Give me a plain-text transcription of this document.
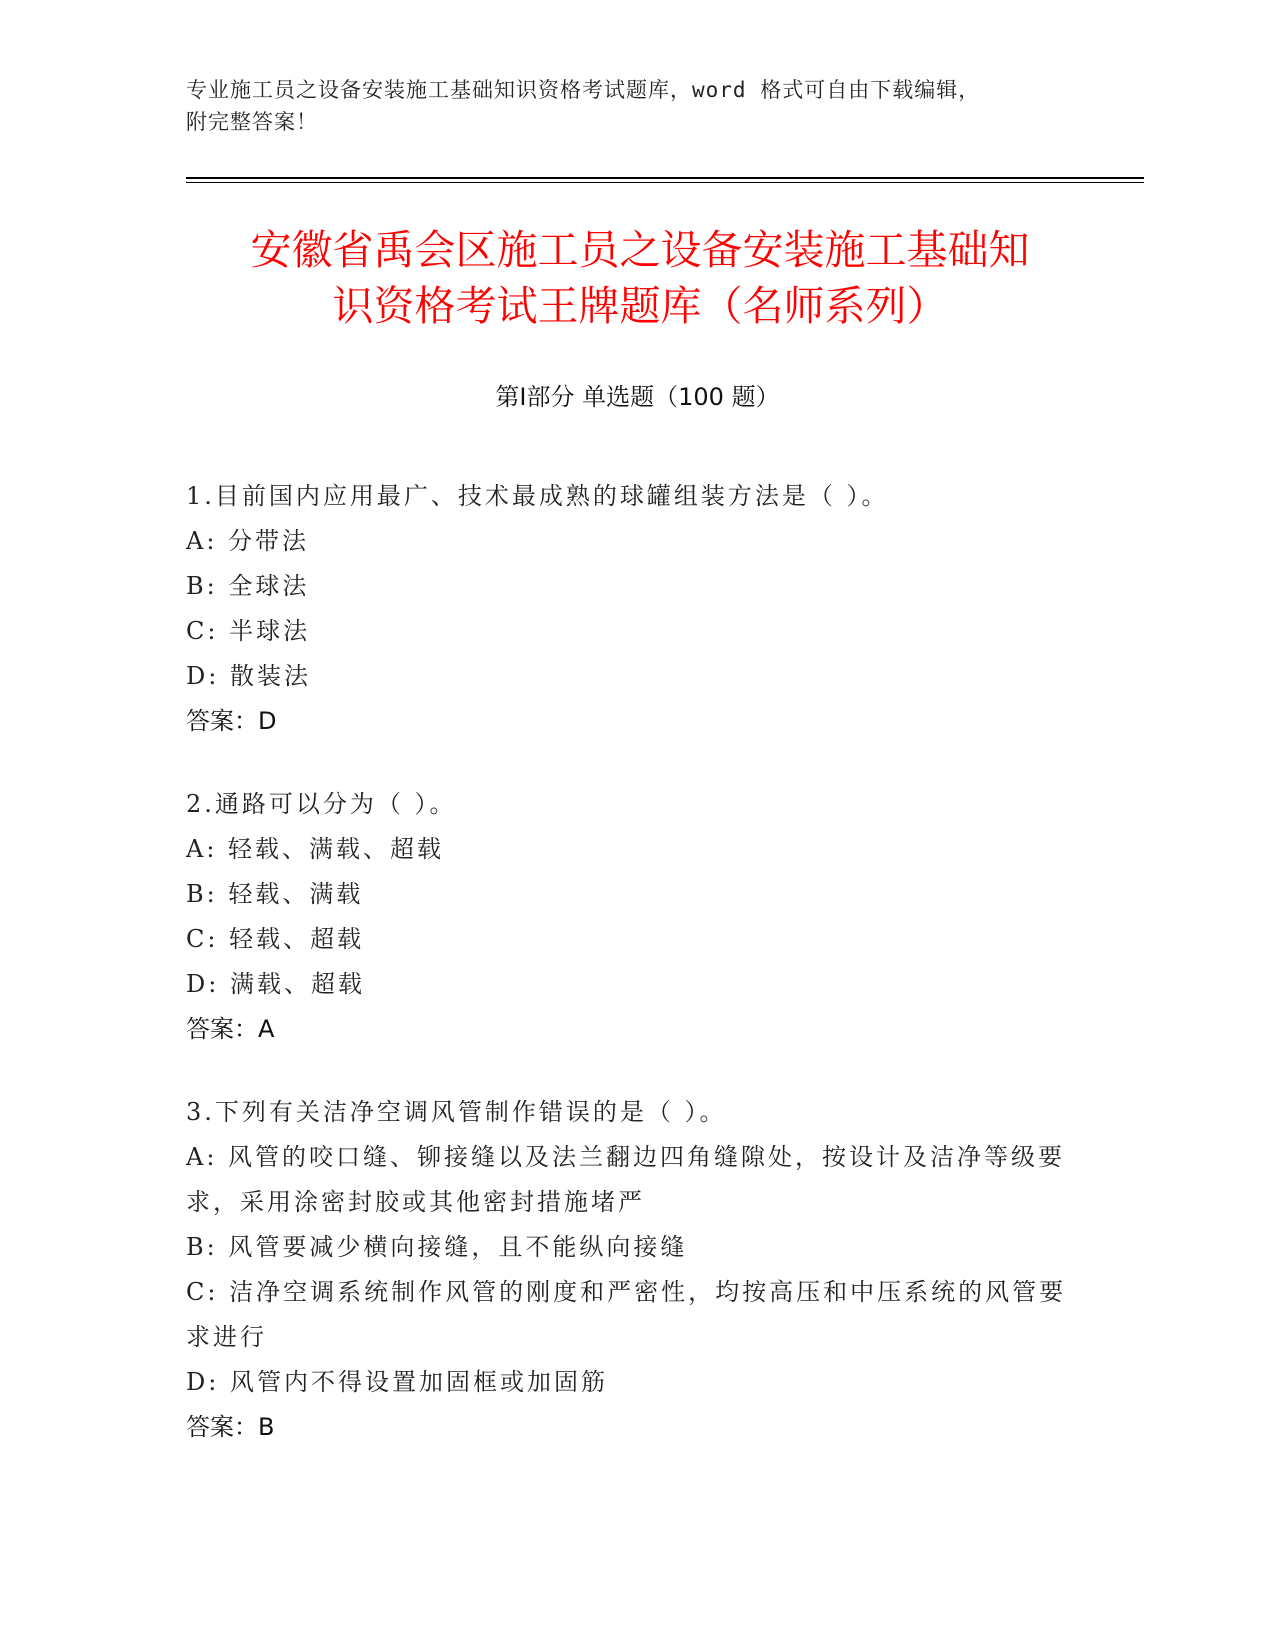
专业施工员之设备安装施工基础知识资格考试题库，word 格式可自由下载编辑，
附完整答案！
安徽省禹会区施工员之设备安装施工基础知
识资格考试王牌题库（名师系列）
第Ⅰ部分 单选题（100 题）
1.目前国内应用最广、技术最成熟的球罐组装方法是（ ）。
A: 分带法
B: 全球法
C: 半球法
D: 散装法
答案：D
2.通路可以分为（ ）。
A: 轻载、满载、超载
B: 轻载、满载
C: 轻载、超载
D: 满载、超载
答案：A
3.下列有关洁净空调风管制作错误的是（ ）。
A: 风管的咬口缝、铆接缝以及法兰翻边四角缝隙处，按设计及洁净等级要求，采用涂密封胶或其他密封措施堵严
B: 风管要减少横向接缝，且不能纵向接缝
C: 洁净空调系统制作风管的刚度和严密性，均按高压和中压系统的风管要求进行
D: 风管内不得设置加固框或加固筋
答案：B
